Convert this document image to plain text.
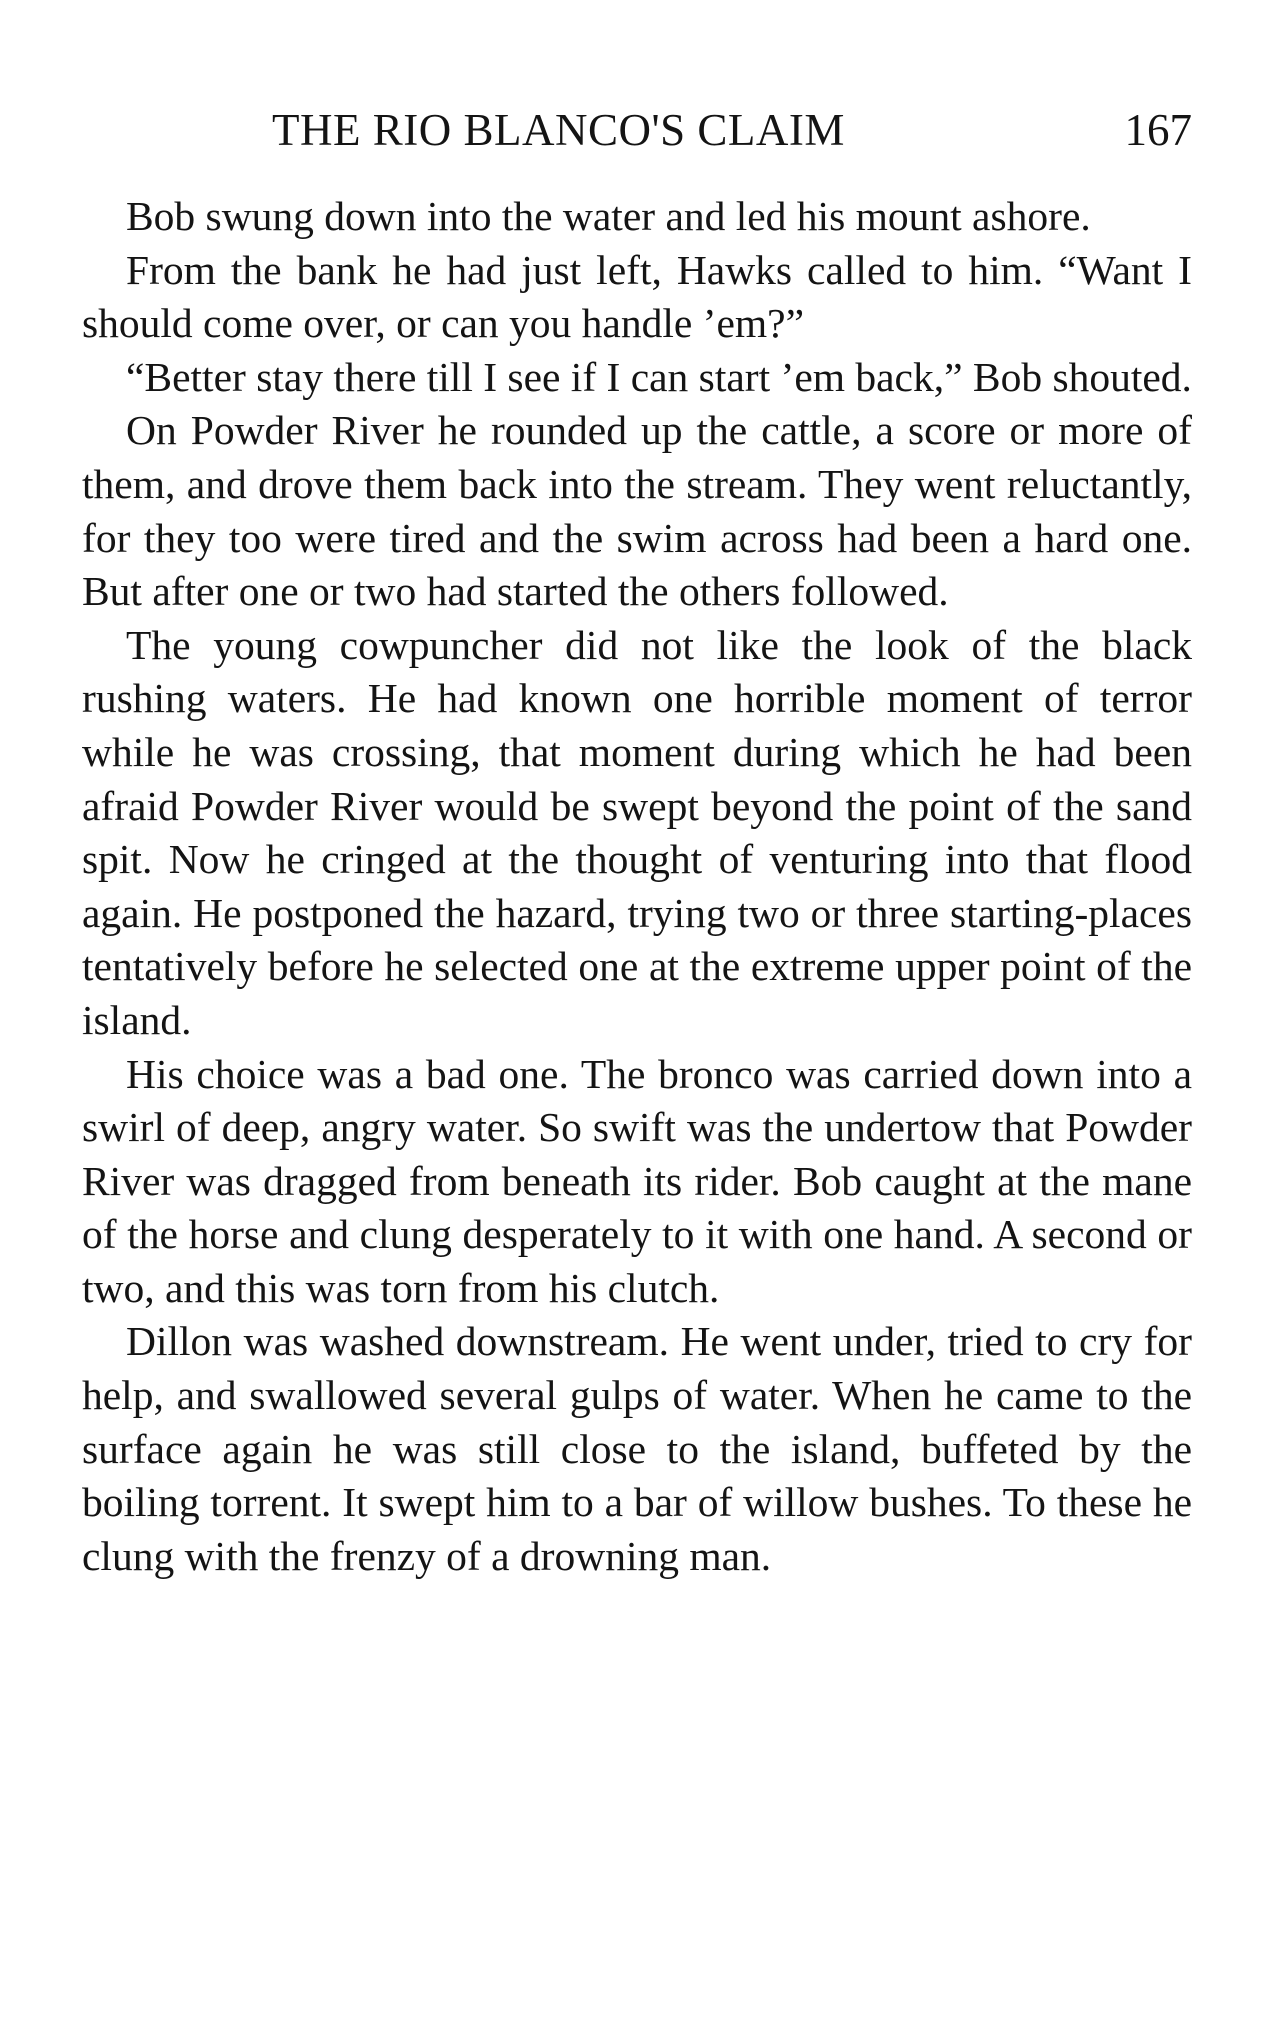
THE RIO BLANCO'S CLAIM	167

Bob swung down into the water and led his mount ashore.

From the bank he had just left, Hawks called to him. “Want I should come over, or can you handle ’em?”

“Better stay there till I see if I can start ’em back,” Bob shouted.

On Powder River he rounded up the cattle, a score or more of them, and drove them back into the stream. They went reluctantly, for they too were tired and the swim across had been a hard one. But after one or two had started the others followed.

The young cowpuncher did not like the look of the black rushing waters. He had known one horrible moment of terror while he was crossing, that moment during which he had been afraid Powder River would be swept beyond the point of the sand spit. Now he cringed at the thought of venturing into that flood again. He postponed the hazard, trying two or three starting-places tentatively before he selected one at the extreme upper point of the island.

His choice was a bad one. The bronco was carried down into a swirl of deep, angry water. So swift was the undertow that Powder River was dragged from beneath its rider. Bob caught at the mane of the horse and clung desperately to it with one hand. A second or two, and this was torn from his clutch.

Dillon was washed downstream. He went under, tried to cry for help, and swallowed several gulps of water. When he came to the surface again he was still close to the island, buffeted by the boiling torrent. It swept him to a bar of willow bushes. To these he clung with the frenzy of a drowning man.
